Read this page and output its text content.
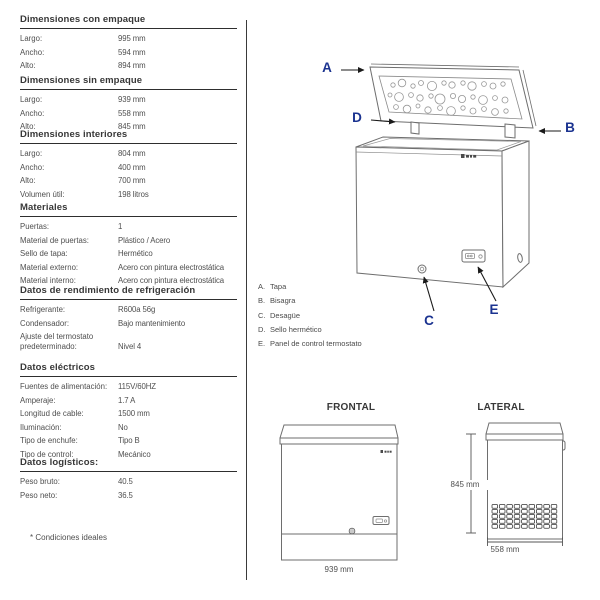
Dimensiones con empaque
Largo:	995 mm
Ancho:	594 mm
Alto:	894 mm
Dimensiones sin empaque
Largo:	939 mm
Ancho:	558 mm
Alto:	845 mm
Dimensiones interiores
Largo:	804 mm
Ancho:	400 mm
Alto:	700 mm
Volumen útil:	198 litros
Materiales
Puertas:	1
Material de puertas:	Plástico / Acero
Sello de tapa:	Hermético
Material externo:	Acero con pintura electrostática
Material interno:	Acero con pintura electrostática
Datos de rendimiento de refrigeración
Refrigerante:	R600a 56g
Condensador:	Bajo mantenimiento
Ajuste del termostato predeterminado:	Nivel 4
Datos eléctricos
Fuentes de alimentación:	115V/60HZ
Amperaje:	1.7 A
Longitud de cable:	1500 mm
Iluminación:	No
Tipo de enchufe:	Tipo B
Tipo de control:	Mecánico
Datos logísticos:
Peso bruto:	40.5
Peso neto:	36.5
A
B
C
D
E
A. Tapa
B. Bisagra
C. Desagüe
D. Sello hermético
E. Panel de control termostato
FRONTAL	LATERAL
939 mm
558 mm
845 mm
* Condiciones ideales
